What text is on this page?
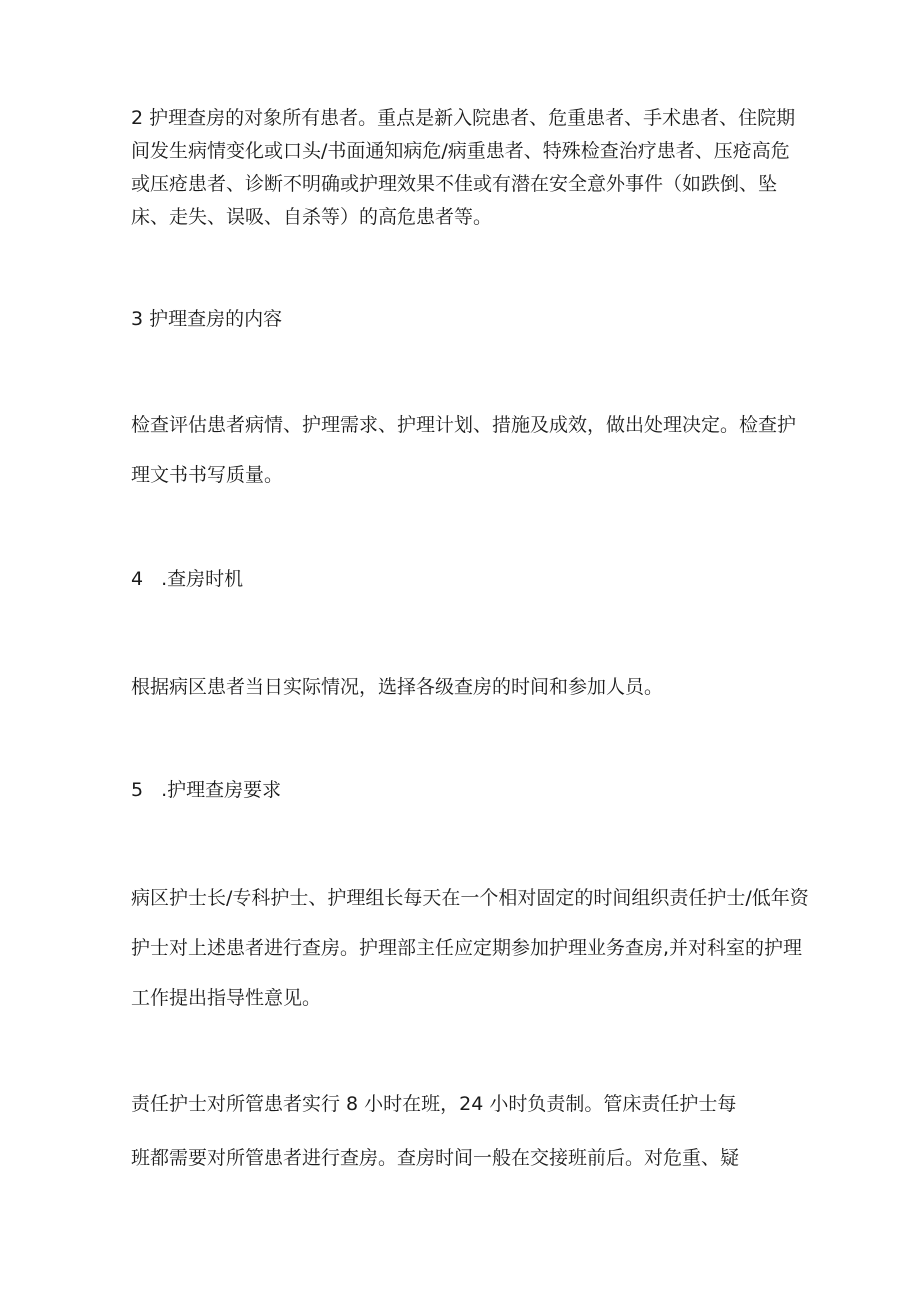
2 护理查房的对象所有患者。重点是新入院患者、危重患者、手术患者、住院期
间发生病情变化或口头/书面通知病危/病重患者、特殊检查治疗患者、压疮高危
或压疮患者、诊断不明确或护理效果不佳或有潜在安全意外事件（如跌倒、坠
床、走失、误吸、自杀等）的高危患者等。
3 护理查房的内容
检查评估患者病情、护理需求、护理计划、措施及成效，做出处理决定。检查护
理文书书写质量。
4 .查房时机
根据病区患者当日实际情况，选择各级查房的时间和参加人员。
5 .护理查房要求
病区护士长/专科护士、护理组长每天在一个相对固定的时间组织责任护士/低年资
护士对上述患者进行查房。护理部主任应定期参加护理业务查房,并对科室的护理
工作提出指导性意见。
责任护士对所管患者实行 8 小时在班，24 小时负责制。管床责任护士每
班都需要对所管患者进行查房。查房时间一般在交接班前后。对危重、疑
